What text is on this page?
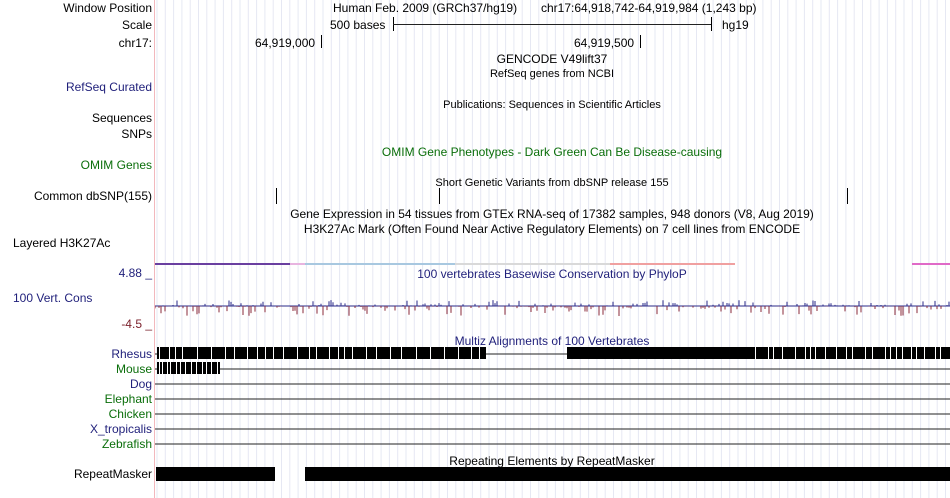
Window Position
Scale
chr17:
RefSeq Curated
Sequences
SNPs
OMIM Genes
Common dbSNP(155)
Layered H3K27Ac
4.88 _
100 Vert. Cons
-4.5 _
Rhesus
Mouse
Dog
Elephant
Chicken
X_tropicalis
Zebrafish
RepeatMasker
Human Feb. 2009 (GRCh37/hg19) chr17:64,918,742-64,919,984 (1,243 bp)
500 bases	hg19
64,919,000	64,919,500
GENCODE V49lift37
RefSeq genes from NCBI
Publications: Sequences in Scientific Articles
OMIM Gene Phenotypes - Dark Green Can Be Disease-causing
Short Genetic Variants from dbSNP release 155
Gene Expression in 54 tissues from GTEx RNA-seq of 17382 samples, 948 donors (V8, Aug 2019)
H3K27Ac Mark (Often Found Near Active Regulatory Elements) on 7 cell lines from ENCODE
100 vertebrates Basewise Conservation by PhyloP
Multiz Alignments of 100 Vertebrates
Repeating Elements by RepeatMasker
